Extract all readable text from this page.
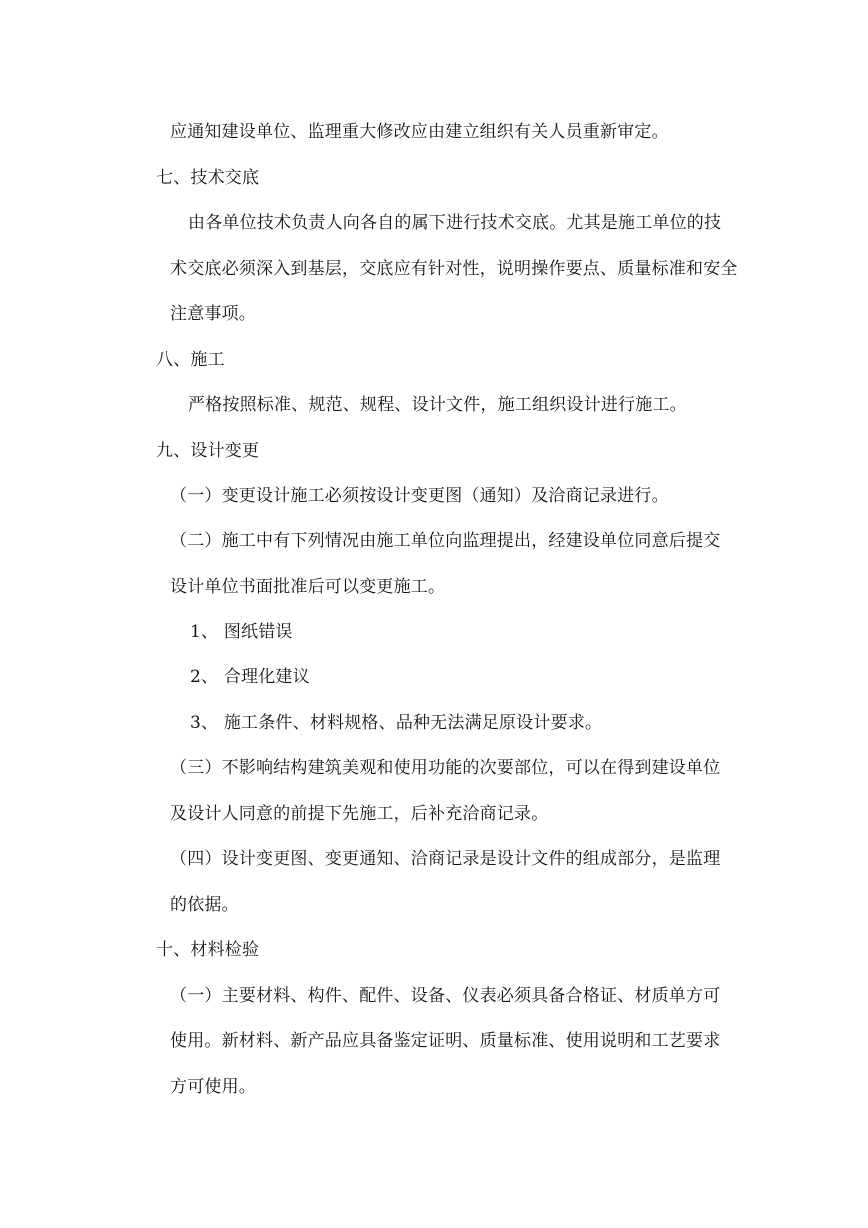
应通知建设单位、监理重大修改应由建立组织有关人员重新审定。

七、技术交底

由各单位技术负责人向各自的属下进行技术交底。尤其是施工单位的技

术交底必须深入到基层，交底应有针对性，说明操作要点、质量标准和安全

注意事项。

八、施工

严格按照标准、规范、规程、设计文件，施工组织设计进行施工。

九、设计变更

（一）变更设计施工必须按设计变更图（通知）及洽商记录进行。

（二）施工中有下列情况由施工单位向监理提出，经建设单位同意后提交

设计单位书面批准后可以变更施工。

1、 图纸错误

2、 合理化建议

3、 施工条件、材料规格、品种无法满足原设计要求。

（三）不影响结构建筑美观和使用功能的次要部位，可以在得到建设单位

及设计人同意的前提下先施工，后补充洽商记录。

（四）设计变更图、变更通知、洽商记录是设计文件的组成部分，是监理

的依据。

十、材料检验

（一）主要材料、构件、配件、设备、仪表必须具备合格证、材质单方可

使用。新材料、新产品应具备鉴定证明、质量标准、使用说明和工艺要求

方可使用。
